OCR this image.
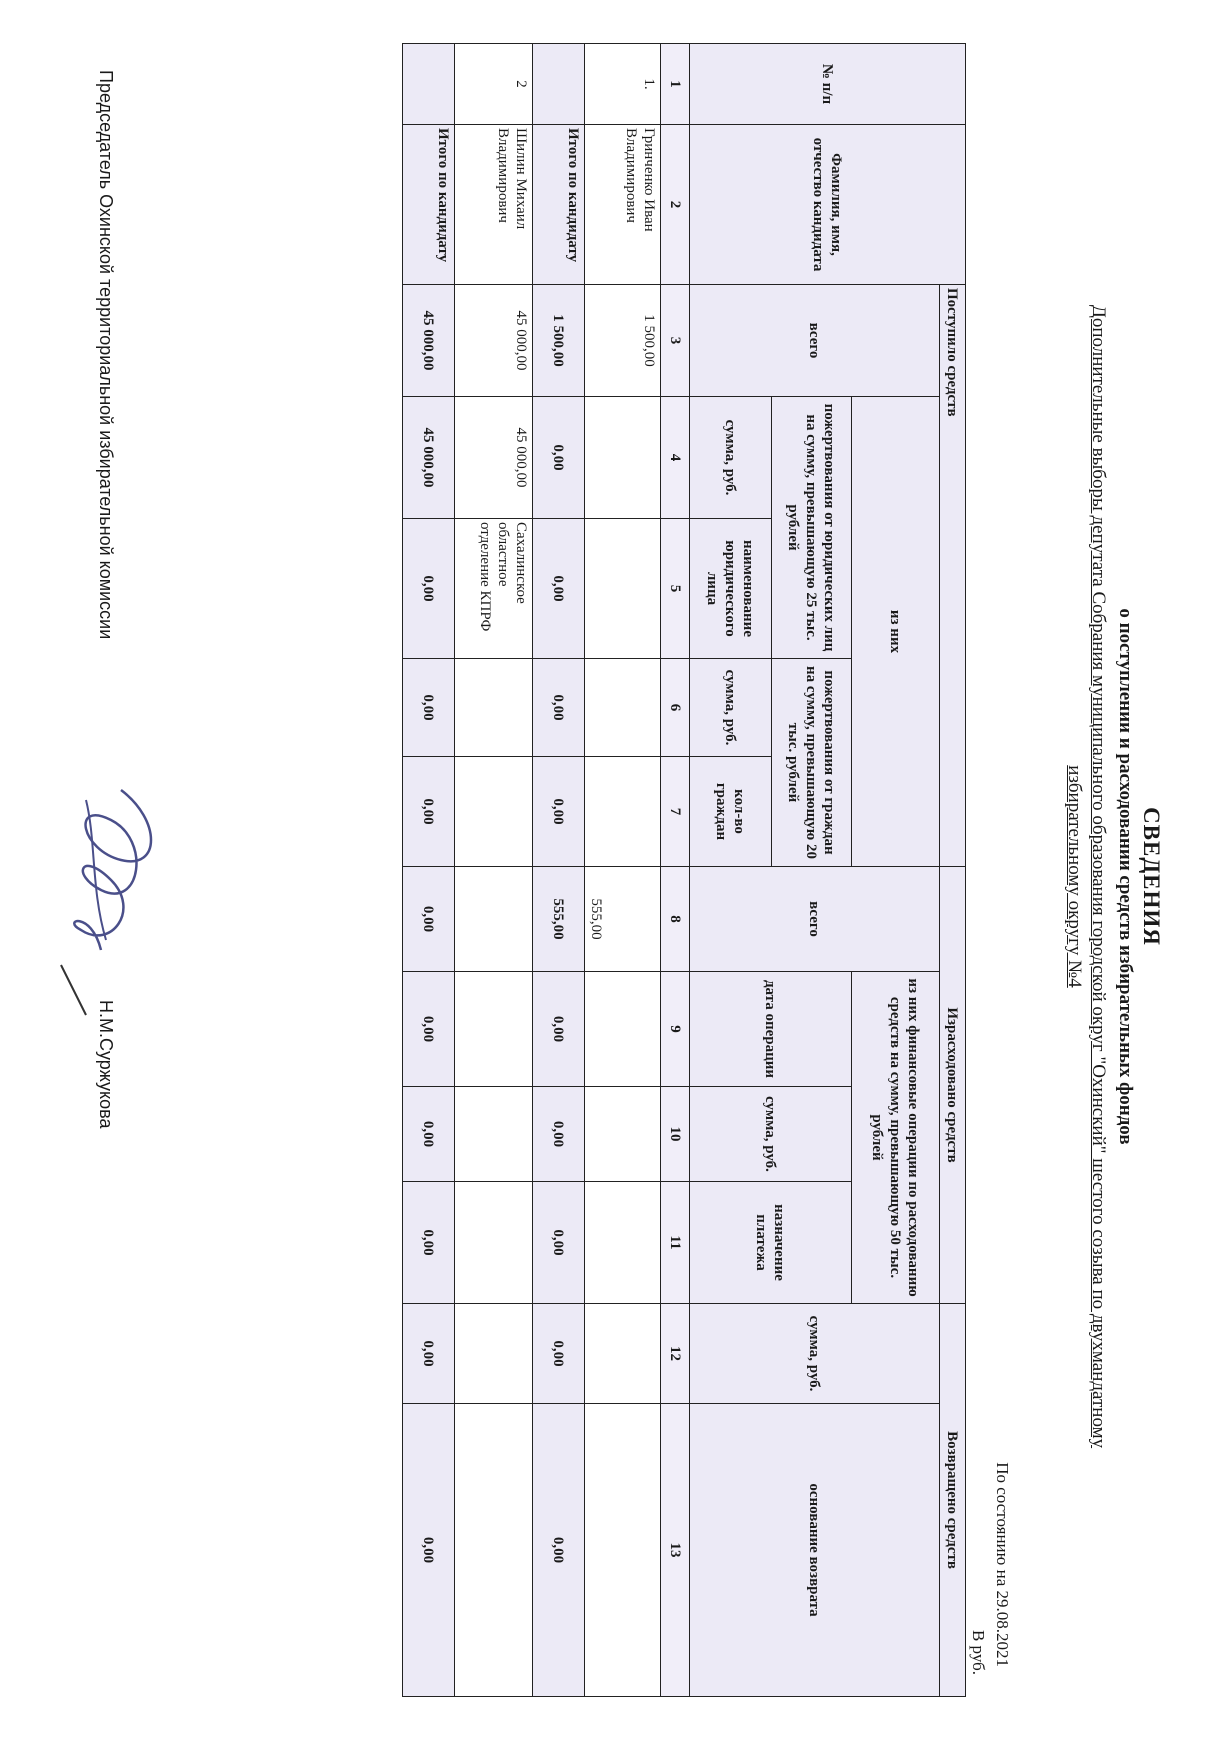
СВЕДЕНИЯ
о поступлении и расходовании средств избирательных фондов
Дополнительные выборы депутата Собрания муниципального образования городской округ "Охинский" шестого созыва по двухмандатному
избирательному округу №4
По состоянию на 29.08.2021
В руб.
№ п/п	Фамилия, имя, отчество кандидата	Поступило средств					Израсходовано средств				Возвращено средств	
		всего	из них				всего	из них финансовые операции по расходованию средств на сумму, превышающую 50 тыс. рублей			сумма, руб.	основание возврата
			пожертвования от юридических лиц на сумму, превышающую 25 тыс. рублей		пожертвования от граждан на сумму, превышающую 20 тыс. рублей			дата операции	сумма, руб.	назначение платежа		
			сумма, руб.	наименование юридического лица	сумма, руб.	кол-во граждан						
1	2	3	4	5	6	7	8	9	10	11	12	13
1.	Гринченко Иван Владимирович	1 500,00					555,00					
	Итого по кандидату	1 500,00	0,00	0,00	0,00	0,00	555,00	0,00	0,00	0,00	0,00	0,00
2	Шилин Михаил Владимирович	45 000,00	45 000,00	Сахалинское областное отделение КПРФ								
	Итого по кандидату	45 000,00	45 000,00	0,00	0,00	0,00	0,00	0,00	0,00	0,00	0,00	0,00
Председатель Охинской территориальной избирательной комиссии
Н.М.Суржукова
